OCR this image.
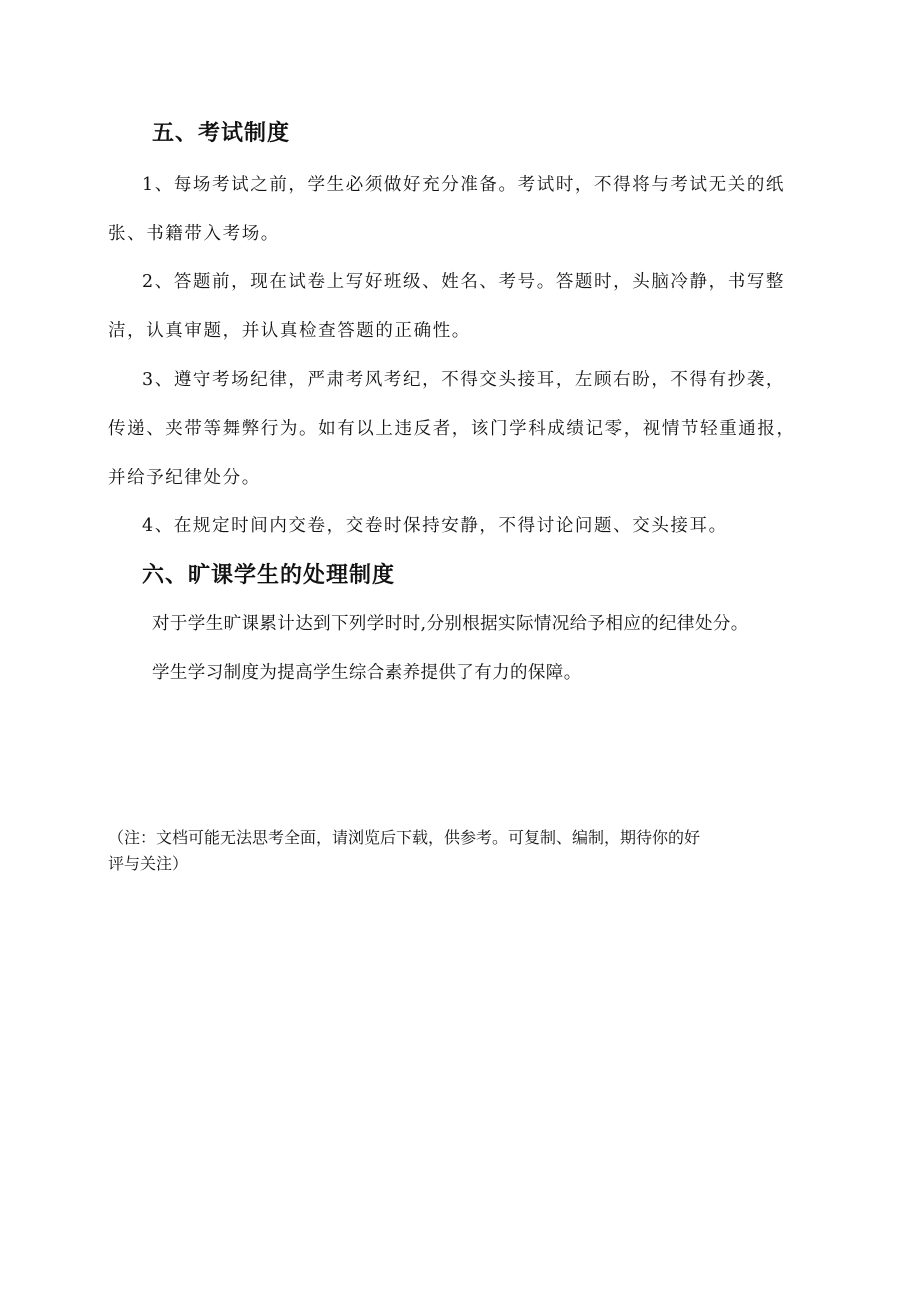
五、考试制度

1、每场考试之前，学生必须做好充分准备。考试时，不得将与考试无关的纸

张、书籍带入考场。

2、答题前，现在试卷上写好班级、姓名、考号。答题时，头脑冷静，书写整

洁，认真审题，并认真检查答题的正确性。

3、遵守考场纪律，严肃考风考纪，不得交头接耳，左顾右盼，不得有抄袭，

传递、夹带等舞弊行为。如有以上违反者，该门学科成绩记零，视情节轻重通报，

并给予纪律处分。

4、在规定时间内交卷，交卷时保持安静，不得讨论问题、交头接耳。

六、旷课学生的处理制度

对于学生旷课累计达到下列学时时,分别根据实际情况给予相应的纪律处分。

学生学习制度为提高学生综合素养提供了有力的保障。

（注：文档可能无法思考全面，请浏览后下载，供参考。可复制、编制，期待你的好

评与关注）
